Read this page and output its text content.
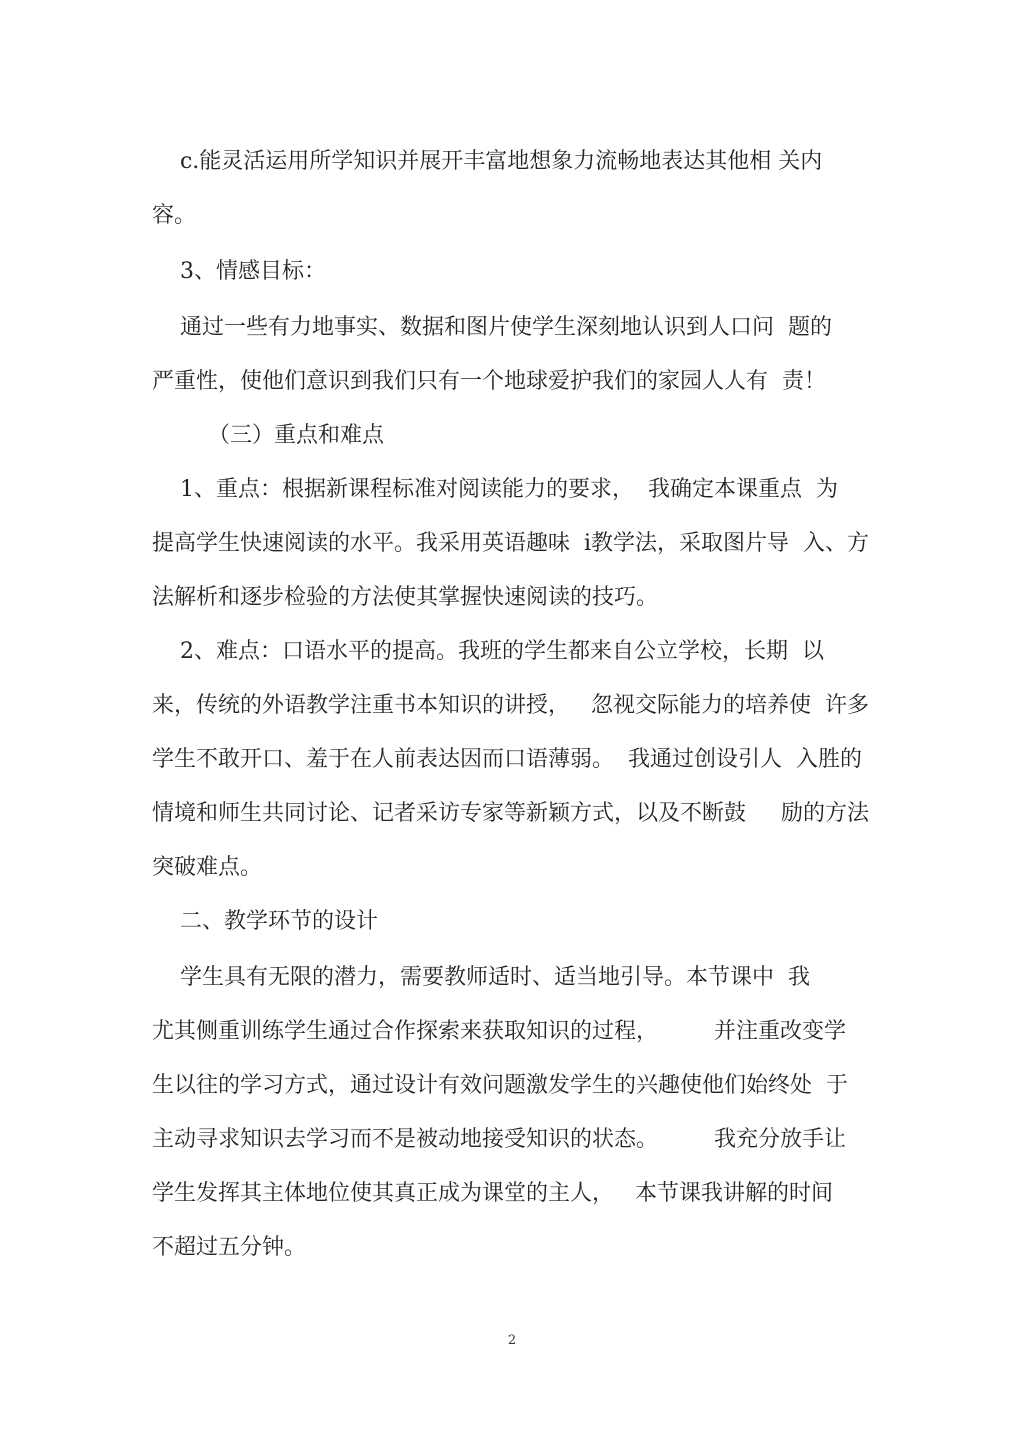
c.能灵活运用所学知识并展开丰富地想象力流畅地表达其他相 关内
容。
3、情感目标：
通过一些有力地事实、数据和图片使学生深刻地认识到人口问  题的
严重性，使他们意识到我们只有一个地球爱护我们的家园人人有  责！
（三）重点和难点
1、重点：根据新课程标准对阅读能力的要求，  我确定本课重点  为
提高学生快速阅读的水平。我采用英语趣味  i教学法，采取图片导  入、方
法解析和逐步检验的方法使其掌握快速阅读的技巧。
2、难点：口语水平的提高。我班的学生都来自公立学校，长期  以
来，传统的外语教学注重书本知识的讲授，   忽视交际能力的培养使  许多
学生不敢开口、羞于在人前表达因而口语薄弱。  我通过创设引人  入胜的
情境和师生共同讨论、记者采访专家等新颖方式，以及不断鼓     励的方法
突破难点。
二、教学环节的设计
学生具有无限的潜力，需要教师适时、适当地引导。本节课中  我
尤其侧重训练学生通过合作探索来获取知识的过程，        并注重改变学
生以往的学习方式，通过设计有效问题激发学生的兴趣使他们始终处  于
主动寻求知识去学习而不是被动地接受知识的状态。        我充分放手让
学生发挥其主体地位使其真正成为课堂的主人，   本节课我讲解的时间
不超过五分钟。
2
